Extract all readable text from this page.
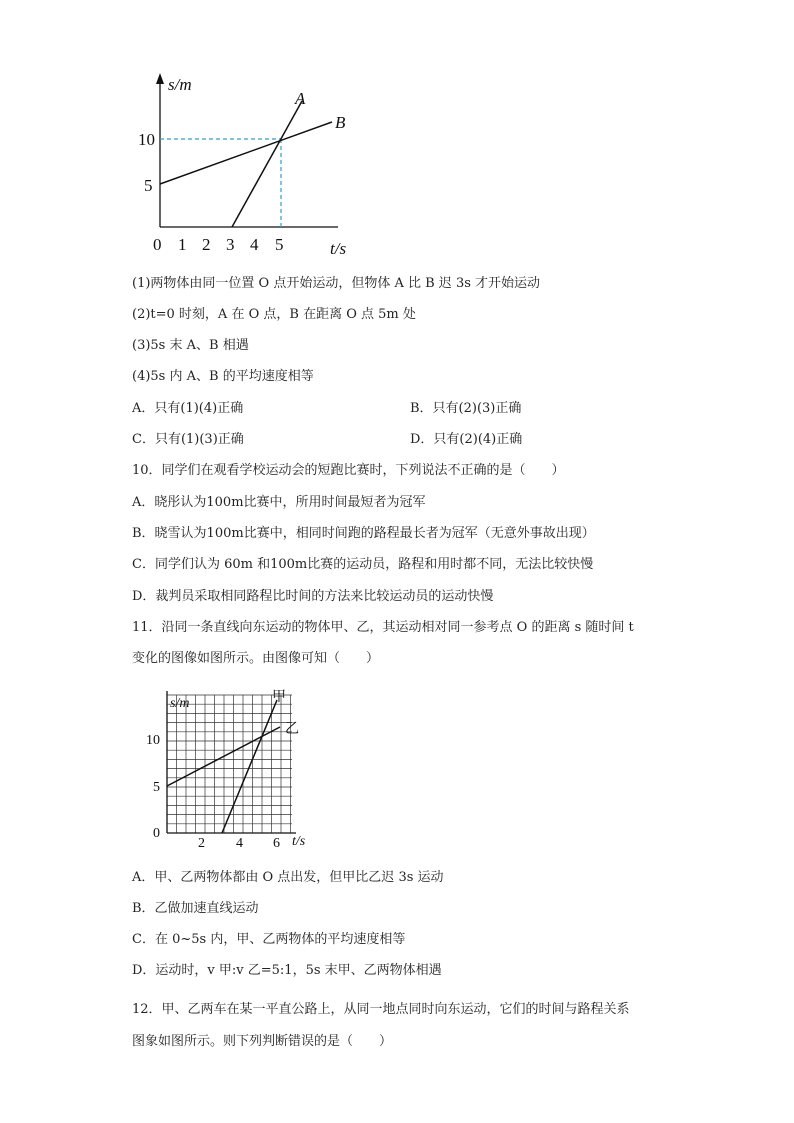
s/m
t/s
10
5
0 1 2 3 4 5
A
B
(1)两物体由同一位置 O 点开始运动，但物体 A 比 B 迟 3s 才开始运动
(2)t=0 时刻，A 在 O 点，B 在距离 O 点 5m 处
(3)5s 末 A、B 相遇
(4)5s 内 A、B 的平均速度相等
A．只有(1)(4)正确	B．只有(2)(3)正确
C．只有(1)(3)正确	D．只有(2)(4)正确
10．同学们在观看学校运动会的短跑比赛时，下列说法不正确的是（　　）
A．晓彤认为100m比赛中，所用时间最短者为冠军
B．晓雪认为100m比赛中，相同时间跑的路程最长者为冠军（无意外事故出现）
C．同学们认为 60m 和100m比赛的运动员，路程和用时都不同，无法比较快慢
D．裁判员采取相同路程比时间的方法来比较运动员的运动快慢
11．沿同一条直线向东运动的物体甲、乙，其运动相对同一参考点 O 的距离 s 随时间 t
变化的图像如图所示。由图像可知（　　）
s/m
t/s
10
5
0
2 4 6
甲
乙
A．甲、乙两物体都由 O 点出发，但甲比乙迟 3s 运动
B．乙做加速直线运动
C．在 0~5s 内，甲、乙两物体的平均速度相等
D．运动时，v 甲:v 乙=5:1，5s 末甲、乙两物体相遇
12．甲、乙两车在某一平直公路上，从同一地点同时向东运动，它们的时间与路程关系
图象如图所示。则下列判断错误的是（　　）
